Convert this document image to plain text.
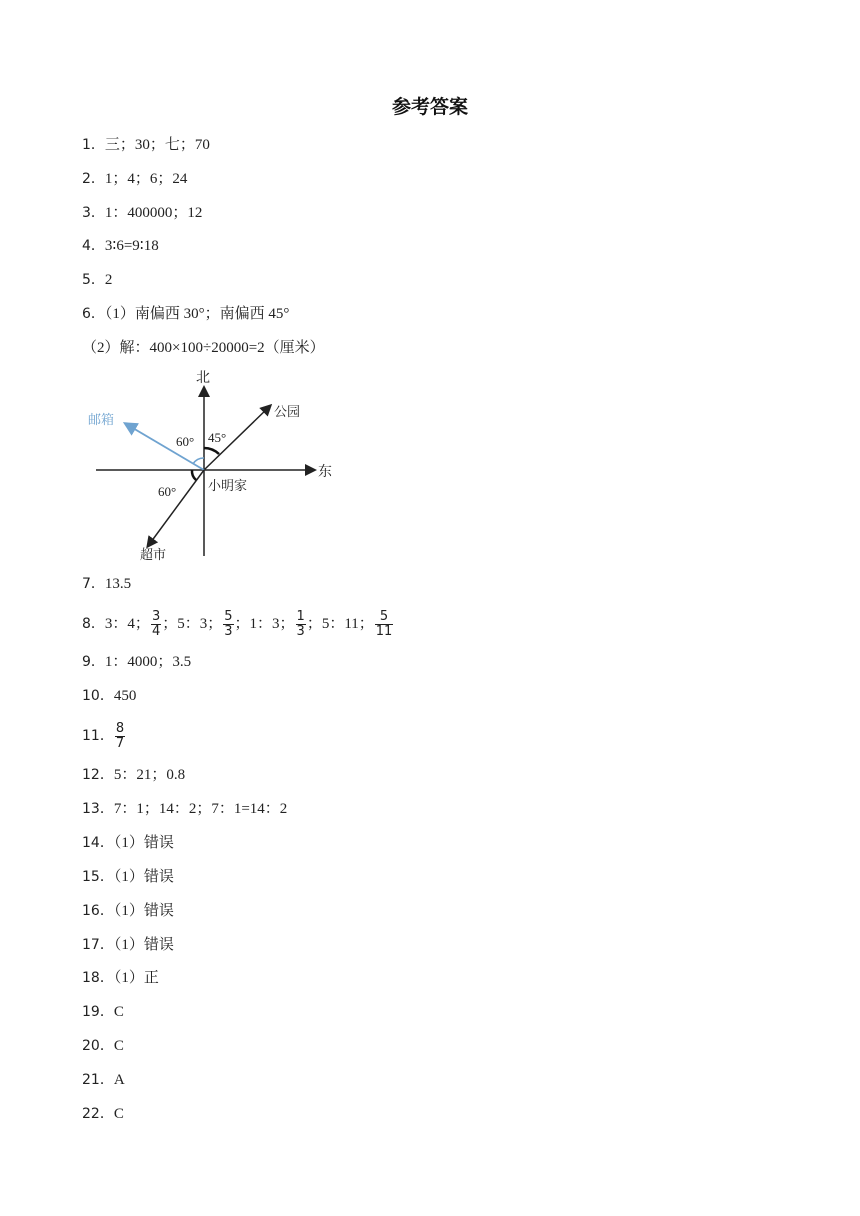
参考答案
1．三；30；七；70
2．1；4；6；24
3．1：400000；12
4．3∶6=9∶18
5．2
6．（1）南偏西 30°；南偏西 45°
（2）解：400×100÷20000=2（厘米）
北
东
公园
邮箱
超市
小明家
60° 45°
60°
7．13.5
8．3：4； $\frac{3}{4}$ ；5：3； $\frac{5}{3}$ ；1：3； $\frac{1}{3}$ ；5：11； $\frac{5}{11}$
9．1：4000；3.5
10．450
11． $\frac{8}{7}$
12．5：21；0.8
13．7：1；14：2；7：1=14：2
14．（1）错误
15．（1）错误
16．（1）错误
17．（1）错误
18．（1）正
19．C
20．C
21．A
22．C
